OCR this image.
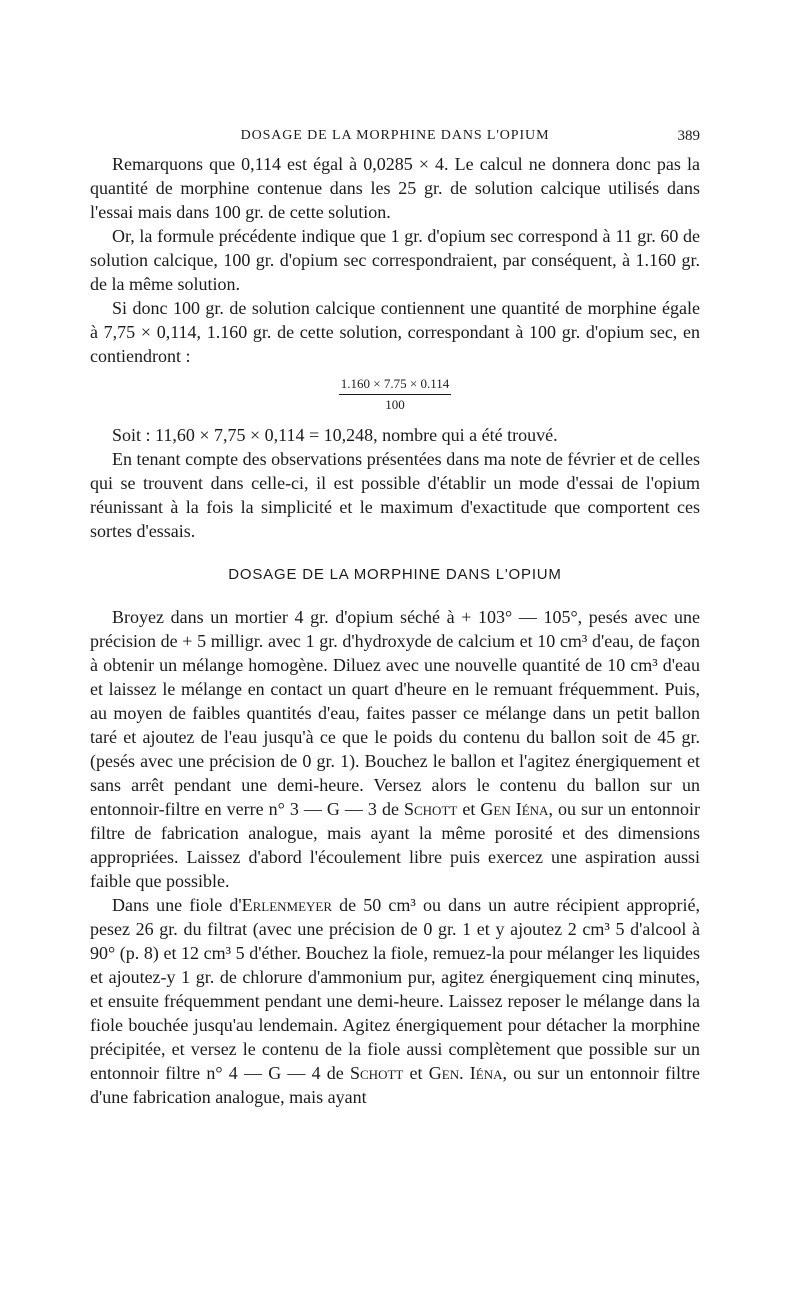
DOSAGE DE LA MORPHINE DANS L'OPIUM	389

Remarquons que 0,114 est égal à 0,0285 × 4. Le calcul ne donnera donc pas la quantité de morphine contenue dans les 25 gr. de solution calcique utilisés dans l'essai mais dans 100 gr. de cette solution.

Or, la formule précédente indique que 1 gr. d'opium sec correspond à 11 gr. 60 de solution calcique, 100 gr. d'opium sec correspondraient, par conséquent, à 1.160 gr. de la même solution.

Si donc 100 gr. de solution calcique contiennent une quantité de morphine égale à 7,75 × 0,114, 1.160 gr. de cette solution, correspondant à 100 gr. d'opium sec, en contiendront :

$\frac{1.160 \times 7.75 \times 0.114}{100}$

Soit : 11,60 × 7,75 × 0,114 = 10,248, nombre qui a été trouvé.

En tenant compte des observations présentées dans ma note de février et de celles qui se trouvent dans celle-ci, il est possible d'établir un mode d'essai de l'opium réunissant à la fois la simplicité et le maximum d'exactitude que comportent ces sortes d'essais.

DOSAGE DE LA MORPHINE DANS L'OPIUM

Broyez dans un mortier 4 gr. d'opium séché à + 103° — 105°, pesés avec une précision de + 5 milligr. avec 1 gr. d'hydroxyde de calcium et 10 cm³ d'eau, de façon à obtenir un mélange homogène. Diluez avec une nouvelle quantité de 10 cm³ d'eau et laissez le mélange en contact un quart d'heure en le remuant fréquemment. Puis, au moyen de faibles quantités d'eau, faites passer ce mélange dans un petit ballon taré et ajoutez de l'eau jusqu'à ce que le poids du contenu du ballon soit de 45 gr. (pesés avec une précision de 0 gr. 1). Bouchez le ballon et l'agitez énergiquement et sans arrêt pendant une demi-heure. Versez alors le contenu du ballon sur un entonnoir-filtre en verre n° 3 — G — 3 de Schott et Gen Iéna, ou sur un entonnoir filtre de fabrication analogue, mais ayant la même porosité et des dimensions appropriées. Laissez d'abord l'écoulement libre puis exercez une aspiration aussi faible que possible.

Dans une fiole d'Erlenmeyer de 50 cm³ ou dans un autre récipient approprié, pesez 26 gr. du filtrat (avec une précision de 0 gr. 1 et y ajoutez 2 cm³ 5 d'alcool à 90° (p. 8) et 12 cm³ 5 d'éther. Bouchez la fiole, remuez-la pour mélanger les liquides et ajoutez-y 1 gr. de chlorure d'ammonium pur, agitez énergiquement cinq minutes, et ensuite fréquemment pendant une demi-heure. Laissez reposer le mélange dans la fiole bouchée jusqu'au lendemain. Agitez énergiquement pour détacher la morphine précipitée, et versez le contenu de la fiole aussi complètement que possible sur un entonnoir filtre n° 4 — G — 4 de Schott et Gen. Iéna, ou sur un entonnoir filtre d'une fabrication analogue, mais ayant
